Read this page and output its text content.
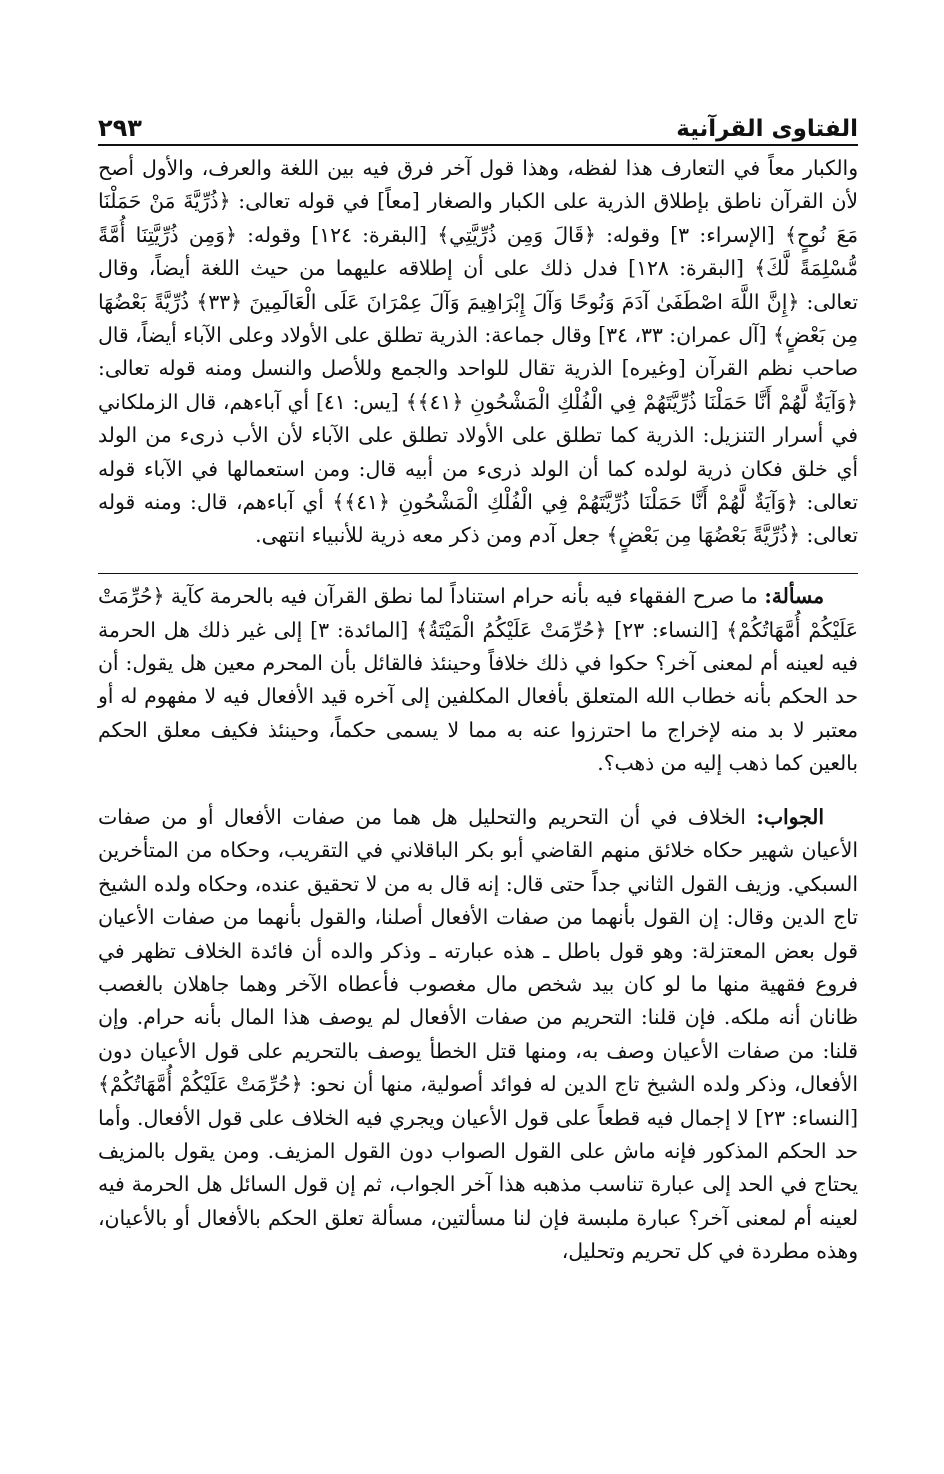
الفتاوى القرآنية
٢٩٣

والكبار معاً في التعارف هذا لفظه، وهذا قول آخر فرق فيه بين اللغة والعرف، والأول أصح لأن القرآن ناطق بإطلاق الذرية على الكبار والصغار [معاً] في قوله تعالى: ﴿ذُرِّيَّةَ مَنْ حَمَلْنَا مَعَ نُوحٍ﴾ [الإسراء: ٣] وقوله: ﴿قَالَ وَمِن ذُرِّيَّتِي﴾ [البقرة: ١٢٤] وقوله: ﴿وَمِن ذُرِّيَّتِنَا أُمَّةً مُّسْلِمَةً لَّكَ﴾ [البقرة: ١٢٨] فدل ذلك على أن إطلاقه عليهما من حيث اللغة أيضاً، وقال تعالى: ﴿إِنَّ اللَّهَ اصْطَفَىٰ آدَمَ وَنُوحًا وَآلَ إِبْرَاهِيمَ وَآلَ عِمْرَانَ عَلَى الْعَالَمِينَ ﴿٣٣﴾ ذُرِّيَّةً بَعْضُهَا مِن بَعْضٍ﴾ [آل عمران: ٣٣، ٣٤] وقال جماعة: الذرية تطلق على الأولاد وعلى الآباء أيضاً، قال صاحب نظم القرآن [وغيره] الذرية تقال للواحد والجمع وللأصل والنسل ومنه قوله تعالى: ﴿وَآيَةٌ لَّهُمْ أَنَّا حَمَلْنَا ذُرِّيَّتَهُمْ فِي الْفُلْكِ الْمَشْحُونِ ﴿٤١﴾﴾ [يس: ٤١] أي آباءهم، قال الزملكاني في أسرار التنزيل: الذرية كما تطلق على الأولاد تطلق على الآباء لأن الأب ذرىء من الولد أي خلق فكان ذرية لولده كما أن الولد ذرىء من أبيه قال: ومن استعمالها في الآباء قوله تعالى: ﴿وَآيَةٌ لَّهُمْ أَنَّا حَمَلْنَا ذُرِّيَّتَهُمْ فِي الْفُلْكِ الْمَشْحُونِ ﴿٤١﴾﴾ أي آباءهم، قال: ومنه قوله تعالى: ﴿ذُرِّيَّةً بَعْضُهَا مِن بَعْضٍ﴾ جعل آدم ومن ذكر معه ذرية للأنبياء انتهى.

مسألة: ما صرح الفقهاء فيه بأنه حرام استناداً لما نطق القرآن فيه بالحرمة كآية ﴿حُرِّمَتْ عَلَيْكُمْ أُمَّهَاتُكُمْ﴾ [النساء: ٢٣] ﴿حُرِّمَتْ عَلَيْكُمُ الْمَيْتَةُ﴾ [المائدة: ٣] إلى غير ذلك هل الحرمة فيه لعينه أم لمعنى آخر؟ حكوا في ذلك خلافاً وحينئذ فالقائل بأن المحرم معين هل يقول: أن حد الحكم بأنه خطاب الله المتعلق بأفعال المكلفين إلى آخره قيد الأفعال فيه لا مفهوم له أو معتبر لا بد منه لإخراج ما احترزوا عنه به مما لا يسمى حكماً، وحينئذ فكيف معلق الحكم بالعين كما ذهب إليه من ذهب؟.

الجواب: الخلاف في أن التحريم والتحليل هل هما من صفات الأفعال أو من صفات الأعيان شهير حكاه خلائق منهم القاضي أبو بكر الباقلاني في التقريب، وحكاه من المتأخرين السبكي. وزيف القول الثاني جداً حتى قال: إنه قال به من لا تحقيق عنده، وحكاه ولده الشيخ تاج الدين وقال: إن القول بأنهما من صفات الأفعال أصلنا، والقول بأنهما من صفات الأعيان قول بعض المعتزلة: وهو قول باطل ـ هذه عبارته ـ وذكر والده أن فائدة الخلاف تظهر في فروع فقهية منها ما لو كان بيد شخص مال مغصوب فأعطاه الآخر وهما جاهلان بالغصب ظانان أنه ملكه. فإن قلنا: التحريم من صفات الأفعال لم يوصف هذا المال بأنه حرام. وإن قلنا: من صفات الأعيان وصف به، ومنها قتل الخطأ يوصف بالتحريم على قول الأعيان دون الأفعال، وذكر ولده الشيخ تاج الدين له فوائد أصولية، منها أن نحو: ﴿حُرِّمَتْ عَلَيْكُمْ أُمَّهَاتُكُمْ﴾ [النساء: ٢٣] لا إجمال فيه قطعاً على قول الأعيان ويجري فيه الخلاف على قول الأفعال. وأما حد الحكم المذكور فإنه ماش على القول الصواب دون القول المزيف. ومن يقول بالمزيف يحتاج في الحد إلى عبارة تناسب مذهبه هذا آخر الجواب، ثم إن قول السائل هل الحرمة فيه لعينه أم لمعنى آخر؟ عبارة ملبسة فإن لنا مسألتين، مسألة تعلق الحكم بالأفعال أو بالأعيان، وهذه مطردة في كل تحريم وتحليل،
